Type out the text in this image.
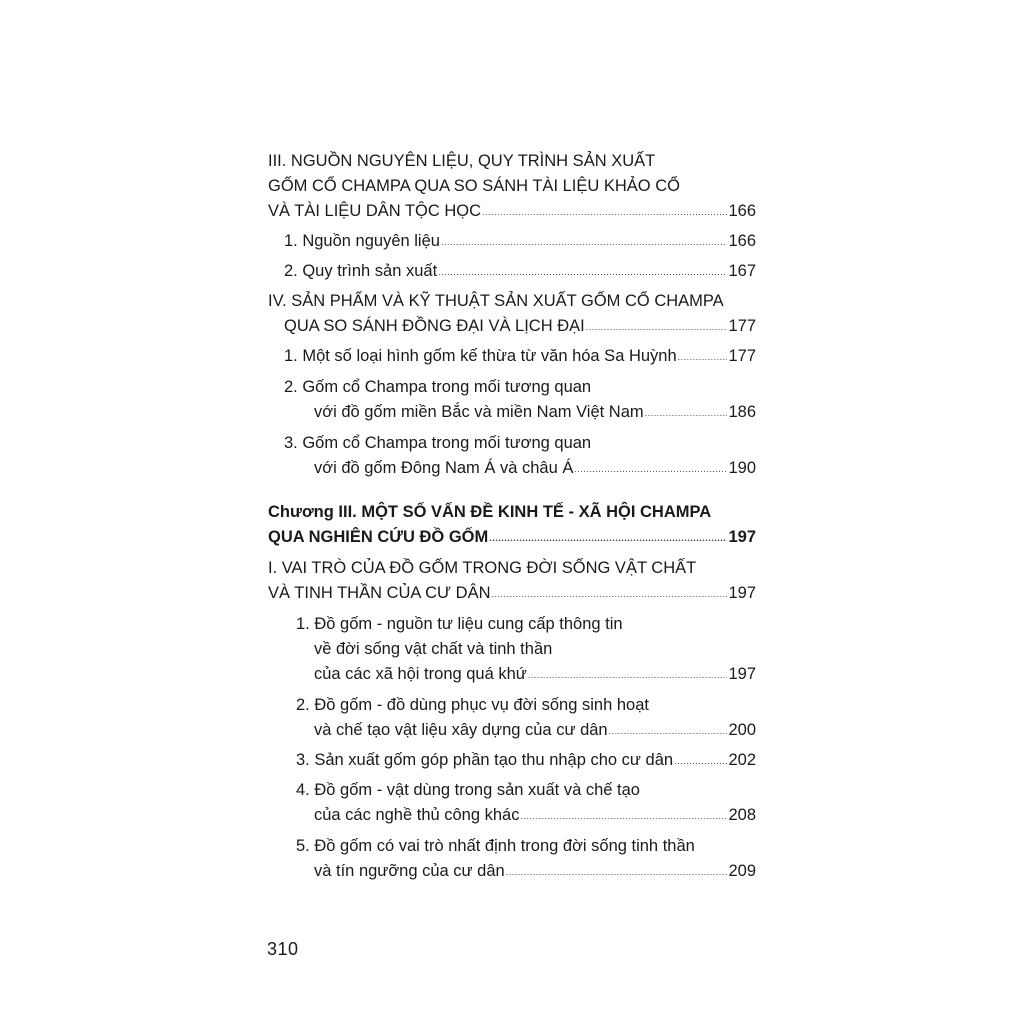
III. NGUỒN NGUYÊN LIỆU, QUY TRÌNH SẢN XUẤT
GỐM CỔ CHAMPA QUA SO SÁNH TÀI LIỆU KHẢO CỔ
VÀ TÀI LIỆU DÂN TỘC HỌC .....	166
1. Nguồn nguyên liệu .....	166
2. Quy trình sản xuất .....	167
IV. SẢN PHẨM VÀ KỸ THUẬT SẢN XUẤT GỐM CỔ CHAMPA
QUA SO SÁNH ĐỒNG ĐẠI VÀ LỊCH ĐẠI .....	177
1. Một số loại hình gốm kế thừa từ văn hóa Sa Huỳnh .....	177
2. Gốm cổ Champa trong mối tương quan
với đồ gốm miền Bắc và miền Nam Việt Nam .....	186
3. Gốm cổ Champa trong mối tương quan
với đồ gốm Đông Nam Á và châu Á .....	190
Chương III. MỘT SỐ VẤN ĐỀ KINH TẾ - XÃ HỘI CHAMPA
QUA NGHIÊN CỨU ĐỒ GỐM .....	197
I. VAI TRÒ CỦA ĐỒ GỐM TRONG ĐỜI SỐNG VẬT CHẤT
VÀ TINH THẦN CỦA CƯ DÂN .....	197
1. Đồ gốm - nguồn tư liệu cung cấp thông tin
về đời sống vật chất và tinh thần
của các xã hội trong quá khứ .....	197
2. Đồ gốm - đồ dùng phục vụ đời sống sinh hoạt
và chế tạo vật liệu xây dựng của cư dân .....	200
3. Sản xuất gốm góp phần tạo thu nhập cho cư dân .....	202
4. Đồ gốm - vật dùng trong sản xuất và chế tạo
của các nghề thủ công khác .....	208
5. Đồ gốm có vai trò nhất định trong đời sống tinh thần
và tín ngưỡng của cư dân .....	209
310
